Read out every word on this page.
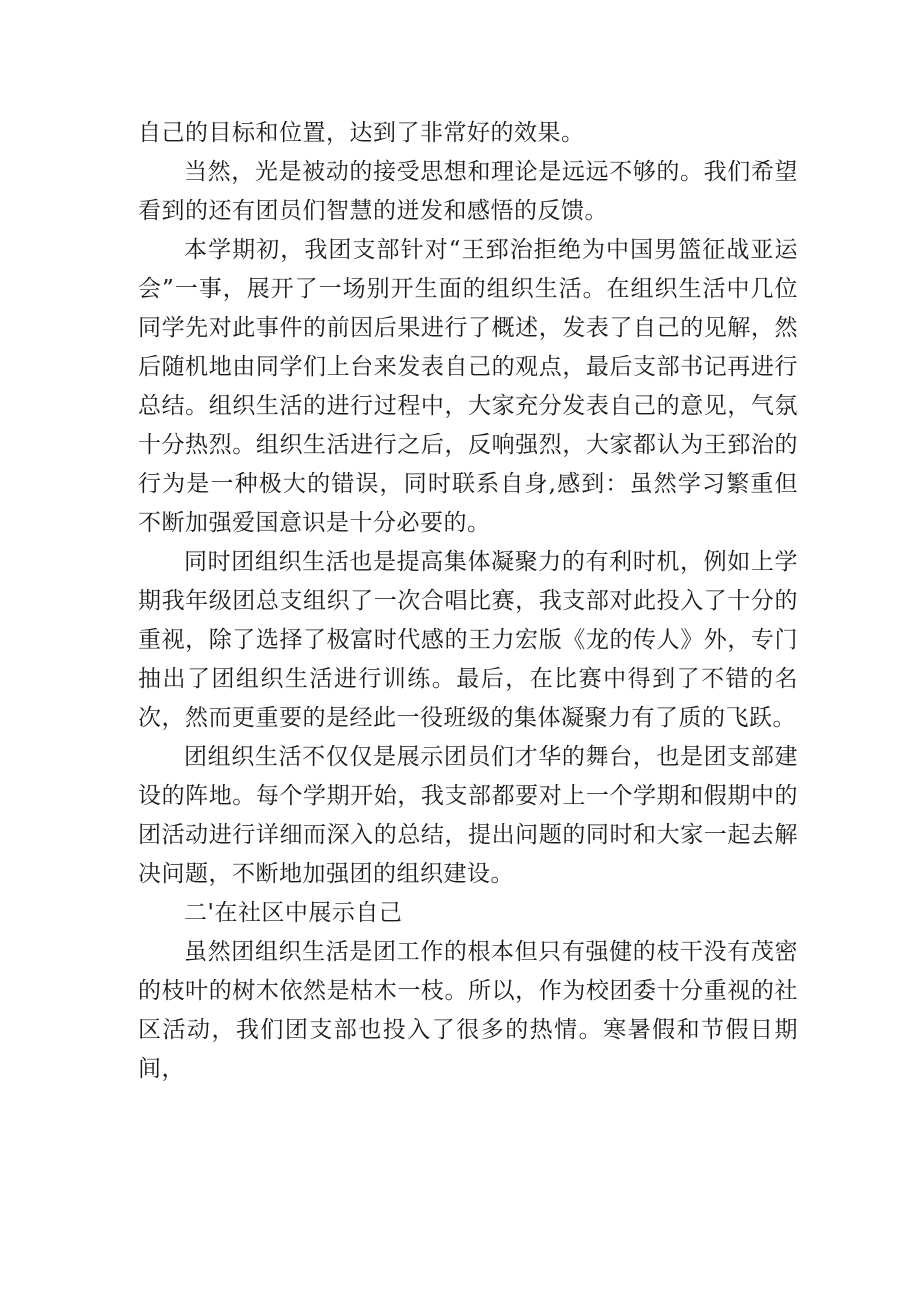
自己的目标和位置，达到了非常好的效果。

当然，光是被动的接受思想和理论是远远不够的。我们希望看到的还有团员们智慧的迸发和感悟的反馈。

本学期初，我团支部针对“王郅治拒绝为中国男篮征战亚运会”一事，展开了一场别开生面的组织生活。在组织生活中几位同学先对此事件的前因后果进行了概述，发表了自己的见解，然后随机地由同学们上台来发表自己的观点，最后支部书记再进行总结。组织生活的进行过程中，大家充分发表自己的意见，气氛十分热烈。组织生活进行之后，反响强烈，大家都认为王郅治的行为是一种极大的错误，同时联系自身,感到：虽然学习繁重但不断加强爱国意识是十分必要的。

同时团组织生活也是提高集体凝聚力的有利时机，例如上学期我年级团总支组织了一次合唱比赛，我支部对此投入了十分的重视，除了选择了极富时代感的王力宏版《龙的传人》外，专门抽出了团组织生活进行训练。最后，在比赛中得到了不错的名次，然而更重要的是经此一役班级的集体凝聚力有了质的飞跃。

团组织生活不仅仅是展示团员们才华的舞台，也是团支部建设的阵地。每个学期开始，我支部都要对上一个学期和假期中的团活动进行详细而深入的总结，提出问题的同时和大家一起去解决问题，不断地加强团的组织建设。

二'在社区中展示自己

虽然团组织生活是团工作的根本但只有强健的枝干没有茂密的枝叶的树木依然是枯木一枝。所以，作为校团委十分重视的社区活动，我们团支部也投入了很多的热情。寒暑假和节假日期间，
